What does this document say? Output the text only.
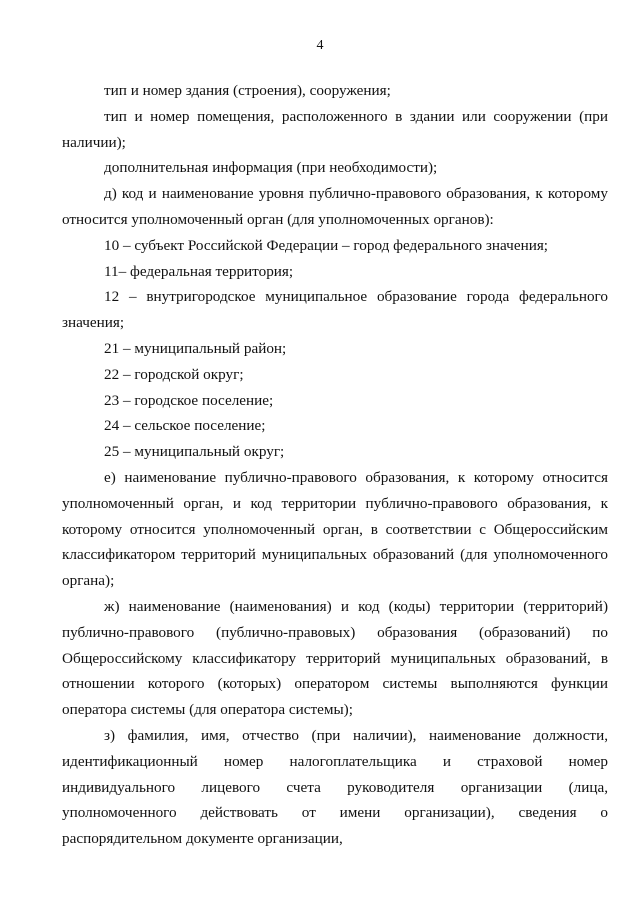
4

тип и номер здания (строения), сооружения;

тип и номер помещения, расположенного в здании или сооружении (при наличии);

дополнительная информация (при необходимости);

д) код и наименование уровня публично-правового образования, к которому относится уполномоченный орган (для уполномоченных органов):

10 – субъект Российской Федерации – город федерального значения;

11– федеральная территория;

12 – внутригородское муниципальное образование города федерального значения;

21 – муниципальный район;

22 – городской округ;

23 – городское поселение;

24 – сельское поселение;

25 – муниципальный округ;

е) наименование публично-правового образования, к которому относится уполномоченный орган, и код территории публично-правового образования, к которому относится уполномоченный орган, в соответствии с Общероссийским классификатором территорий муниципальных образований (для уполномоченного органа);

ж) наименование (наименования) и код (коды) территории (территорий) публично-правового (публично-правовых) образования (образований) по Общероссийскому классификатору территорий муниципальных образований, в отношении которого (которых) оператором системы выполняются функции оператора системы (для оператора системы);

з) фамилия, имя, отчество (при наличии), наименование должности, идентификационный номер налогоплательщика и страховой номер индивидуального лицевого счета руководителя организации (лица, уполномоченного действовать от имени организации), сведения о распорядительном документе организации,
